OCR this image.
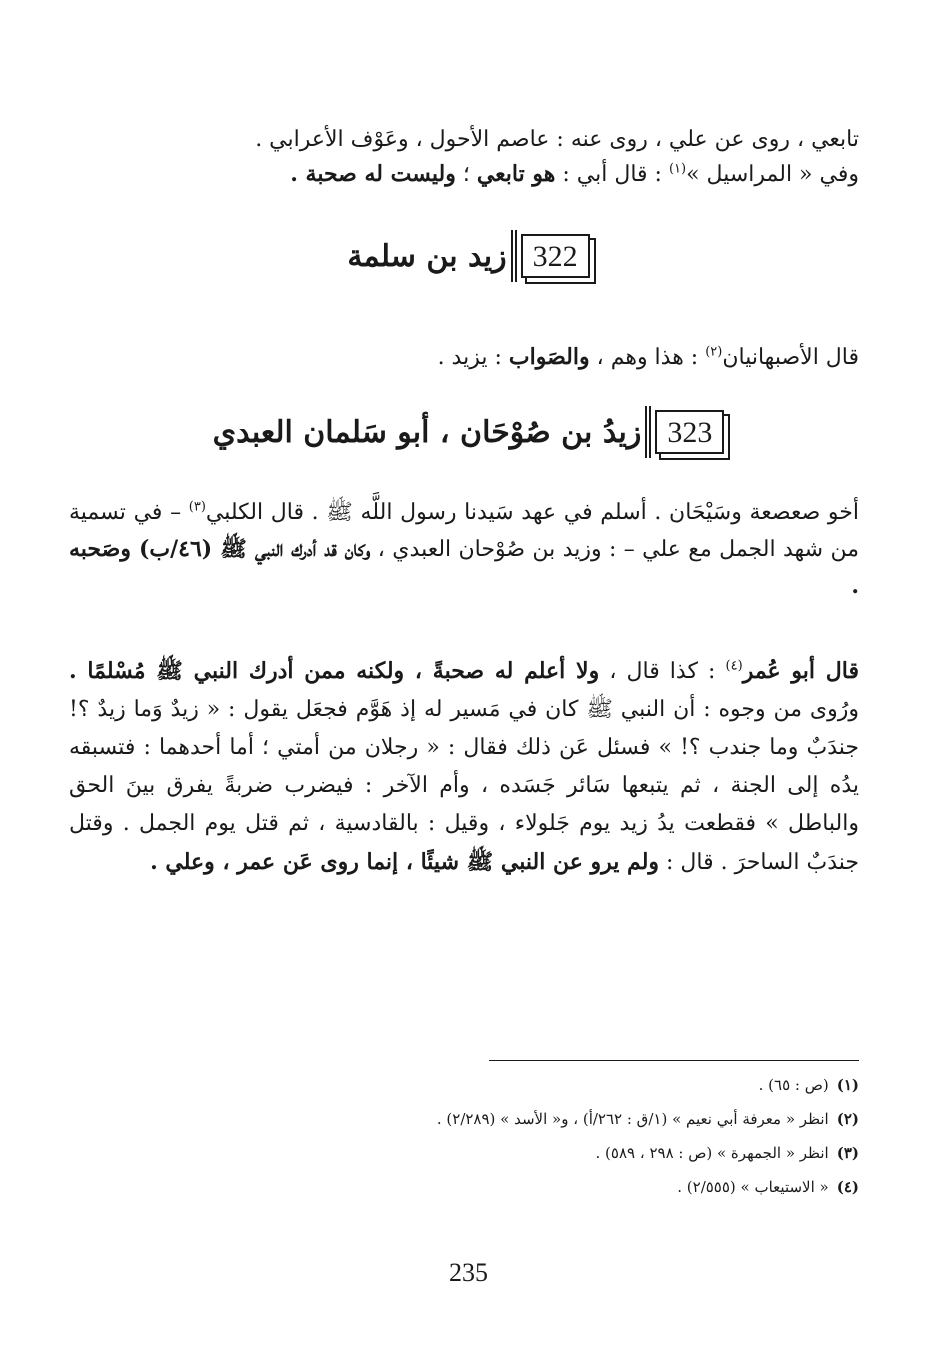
تابعي ، روى عن علي ، روى عنه : عاصم الأحول ، وعَوْف الأعرابي .
وفي « المراسيل »$^{(١)}$ : قال أبي : هو تابعي ؛ وليست له صحبة .
322
زيد بن سلمة
قال الأصبهانيان$^{(٢)}$ : هذا وهم ، والصَواب : يزيد .
323
زيدُ بن صُوْحَان ، أبو سَلمان العبدي
أخو صعصعة وسَيْحَان . أسلم في عهد سَيدنا رسول اللَّه ﷺ . قال الكلبي$^{(٣)}$ – في تسمية من شهد الجمل مع علي – : وزيد بن صُوْحان العبدي ، وكان قد أدرك النبي ﷺ (٤٦/ب) وصَحبه .
قال أبو عُمر$^{(٤)}$ : كذا قال ، ولا أعلم له صحبةً ، ولكنه ممن أدرك النبي ﷺ مُسْلمًا . ورُوى من وجوه : أن النبي ﷺ كان في مَسير له إذ هَوَّم فجعَل يقول : « زيدٌ وَما زيدٌ ؟! جندَبٌ وما جندب ؟! » فسئل عَن ذلك فقال : « رجلان من أمتي ؛ أما أحدهما : فتسبقه يدُه إلى الجنة ، ثم يتبعها سَائر جَسَده ، وأم الآخر : فيضرب ضربةً يفرق بينَ الحق والباطل » فقطعت يدُ زيد يوم جَلولاء ، وقيل : بالقادسية ، ثم قتل يوم الجمل . وقتل جندَبٌ الساحرَ . قال : ولم يرو عن النبي ﷺ شيئًا ، إنما روى عَن عمر ، وعلي .
(١)(ص : ٦٥) .
(٢)انظر « معرفة أبي نعيم » (١/ق : ٢٦٢/أ) ، و« الأسد » (٢/٢٨٩) .
(٣)انظر « الجمهرة » (ص : ٢٩٨ ، ٥٨٩) .
(٤)« الاستيعاب » (٢/٥٥٥) .
235
